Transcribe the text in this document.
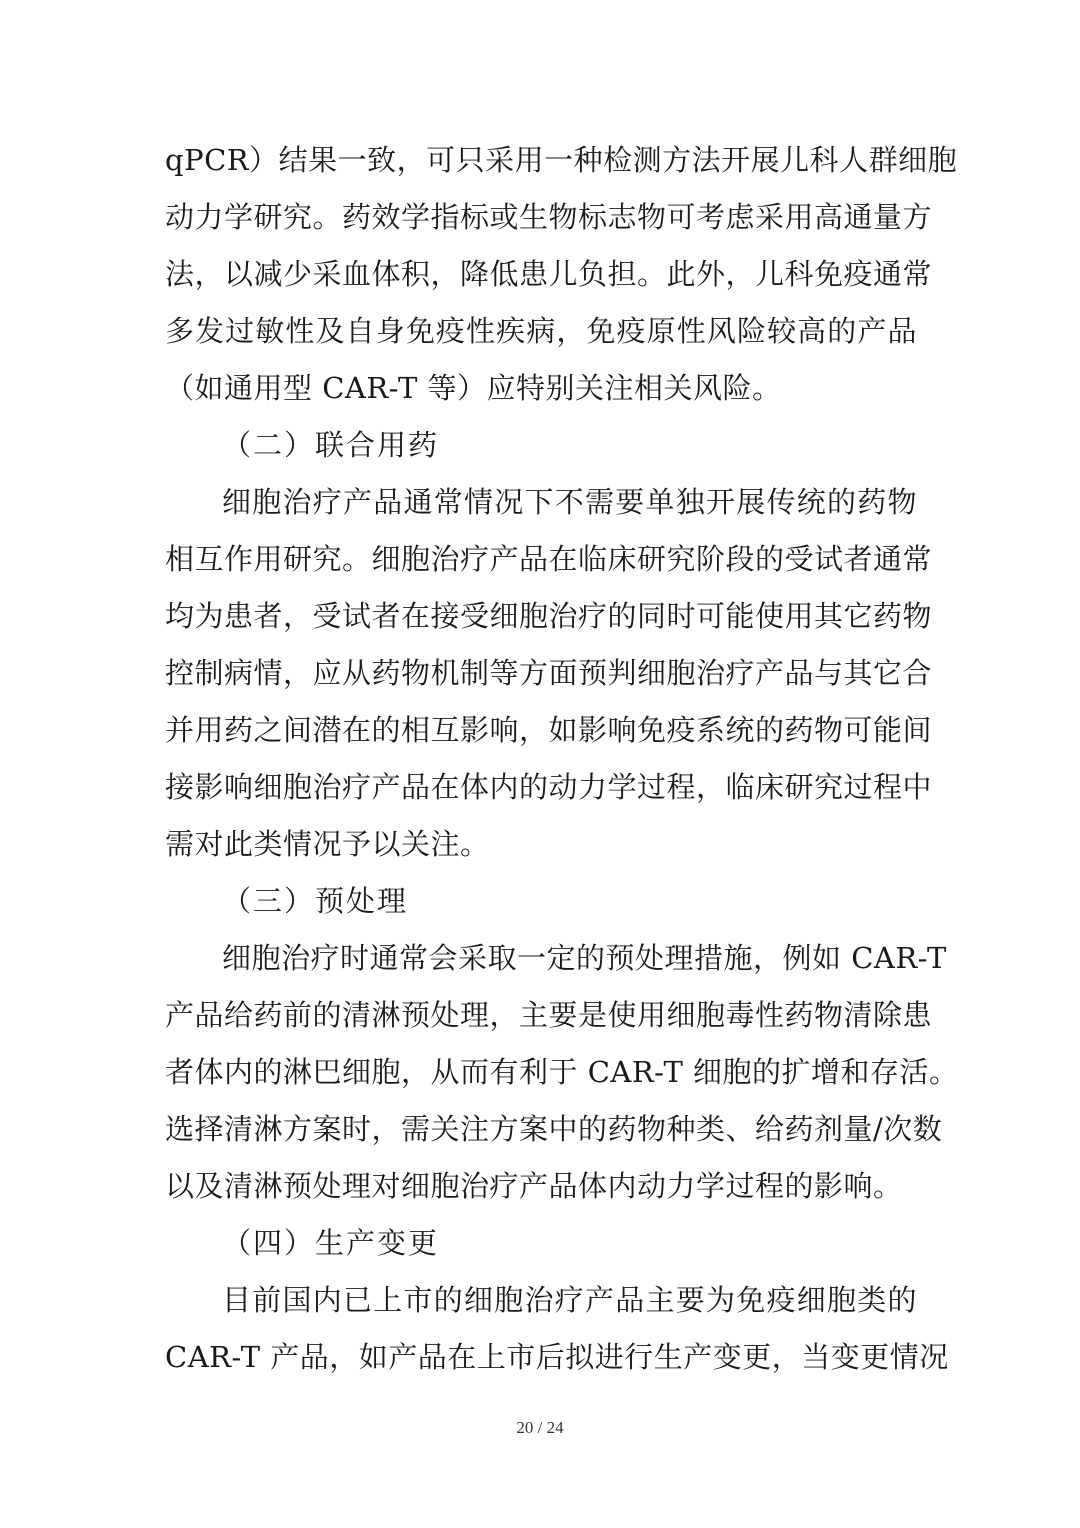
qPCR）结果一致，可只采用一种检测方法开展儿科人群细胞
动力学研究。药效学指标或生物标志物可考虑采用高通量方
法，以减少采血体积，降低患儿负担。此外，儿科免疫通常
多发过敏性及自身免疫性疾病，免疫原性风险较高的产品
（如通用型 CAR-T 等）应特别关注相关风险。
（二）联合用药
细胞治疗产品通常情况下不需要单独开展传统的药物
相互作用研究。细胞治疗产品在临床研究阶段的受试者通常
均为患者，受试者在接受细胞治疗的同时可能使用其它药物
控制病情，应从药物机制等方面预判细胞治疗产品与其它合
并用药之间潜在的相互影响，如影响免疫系统的药物可能间
接影响细胞治疗产品在体内的动力学过程，临床研究过程中
需对此类情况予以关注。
（三）预处理
细胞治疗时通常会采取一定的预处理措施，例如 CAR-T
产品给药前的清淋预处理，主要是使用细胞毒性药物清除患
者体内的淋巴细胞，从而有利于 CAR-T 细胞的扩增和存活。
选择清淋方案时，需关注方案中的药物种类、给药剂量/次数
以及清淋预处理对细胞治疗产品体内动力学过程的影响。
（四）生产变更
目前国内已上市的细胞治疗产品主要为免疫细胞类的
CAR-T 产品，如产品在上市后拟进行生产变更，当变更情况
20 / 24
